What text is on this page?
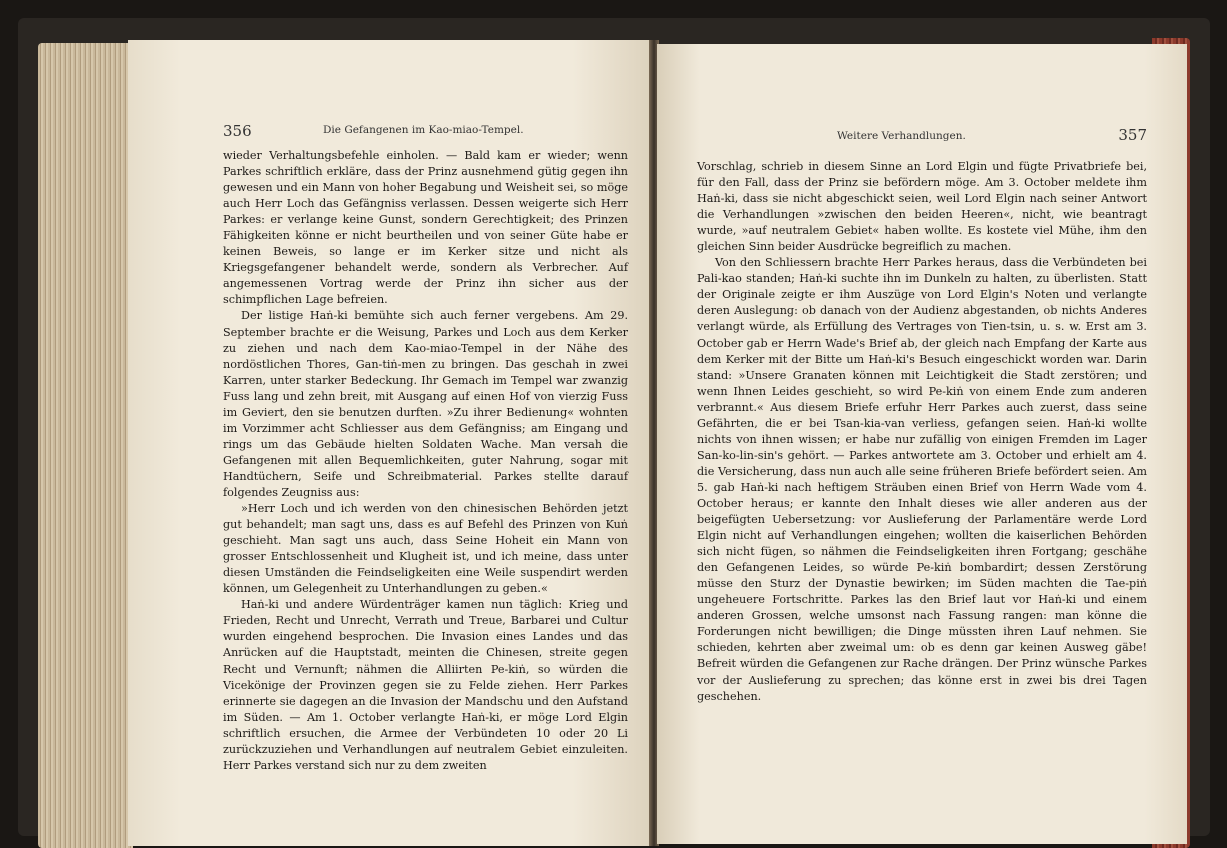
356	Die Gefangenen im Kao-miao-Tempel.

wieder Verhaltungsbefehle einholen. — Bald kam er wieder; wenn Parkes schriftlich erkläre, dass der Prinz ausnehmend gütig gegen ihn gewesen und ein Mann von hoher Begabung und Weisheit sei, so möge auch Herr Loch das Gefängniss verlassen. Dessen weigerte sich Herr Parkes: er verlange keine Gunst, sondern Gerechtigkeit; des Prinzen Fähigkeiten könne er nicht beurtheilen und von seiner Güte habe er keinen Beweis, so lange er im Kerker sitze und nicht als Kriegsgefangener behandelt werde, sondern als Verbrecher. Auf angemessenen Vortrag werde der Prinz ihn sicher aus der schimpflichen Lage befreien.

Der listige Haṅ-ki bemühte sich auch ferner vergebens. Am 29. September brachte er die Weisung, Parkes und Loch aus dem Kerker zu ziehen und nach dem Kao-miao-Tempel in der Nähe des nordöstlichen Thores, Gan-tiṅ-men zu bringen. Das geschah in zwei Karren, unter starker Bedeckung. Ihr Gemach im Tempel war zwanzig Fuss lang und zehn breit, mit Ausgang auf einen Hof von vierzig Fuss im Geviert, den sie benutzen durften. »Zu ihrer Bedienung« wohnten im Vorzimmer acht Schliesser aus dem Gefängniss; am Eingang und rings um das Gebäude hielten Soldaten Wache. Man versah die Gefangenen mit allen Bequemlichkeiten, guter Nahrung, sogar mit Handtüchern, Seife und Schreibmaterial. Parkes stellte darauf folgendes Zeugniss aus:

»Herr Loch und ich werden von den chinesischen Behörden jetzt gut behandelt; man sagt uns, dass es auf Befehl des Prinzen von Kuṅ geschieht. Man sagt uns auch, dass Seine Hoheit ein Mann von grosser Entschlossenheit und Klugheit ist, und ich meine, dass unter diesen Umständen die Feindseligkeiten eine Weile suspendirt werden können, um Gelegenheit zu Unterhandlungen zu geben.«

Haṅ-ki und andere Würdenträger kamen nun täglich: Krieg und Frieden, Recht und Unrecht, Verrath und Treue, Barbarei und Cultur wurden eingehend besprochen. Die Invasion eines Landes und das Anrücken auf die Hauptstadt, meinten die Chinesen, streite gegen Recht und Vernunft; nähmen die Alliirten Pe-kiṅ, so würden die Vicekönige der Provinzen gegen sie zu Felde ziehen. Herr Parkes erinnerte sie dagegen an die Invasion der Mandschu und den Aufstand im Süden. — Am 1. October verlangte Haṅ-ki, er möge Lord Elgin schriftlich ersuchen, die Armee der Verbündeten 10 oder 20 Li zurückzuziehen und Verhandlungen auf neutralem Gebiet einzuleiten. Herr Parkes verstand sich nur zu dem zweiten

Weitere Verhandlungen.	357

Vorschlag, schrieb in diesem Sinne an Lord Elgin und fügte Privatbriefe bei, für den Fall, dass der Prinz sie befördern möge. Am 3. October meldete ihm Haṅ-ki, dass sie nicht abgeschickt seien, weil Lord Elgin nach seiner Antwort die Verhandlungen »zwischen den beiden Heeren«, nicht, wie beantragt wurde, »auf neutralem Gebiet« haben wollte. Es kostete viel Mühe, ihm den gleichen Sinn beider Ausdrücke begreiflich zu machen.

Von den Schliessern brachte Herr Parkes heraus, dass die Verbündeten bei Pali-kao standen; Haṅ-ki suchte ihn im Dunkeln zu halten, zu überlisten. Statt der Originale zeigte er ihm Auszüge von Lord Elgin's Noten und verlangte deren Auslegung: ob danach von der Audienz abgestanden, ob nichts Anderes verlangt würde, als Erfüllung des Vertrages von Tien-tsin, u. s. w. Erst am 3. October gab er Herrn Wade's Brief ab, der gleich nach Empfang der Karte aus dem Kerker mit der Bitte um Haṅ-ki's Besuch eingeschickt worden war. Darin stand: »Unsere Granaten können mit Leichtigkeit die Stadt zerstören; und wenn Ihnen Leides geschieht, so wird Pe-kiṅ von einem Ende zum anderen verbrannt.« Aus diesem Briefe erfuhr Herr Parkes auch zuerst, dass seine Gefährten, die er bei Tsan-kia-van verliess, gefangen seien. Haṅ-ki wollte nichts von ihnen wissen; er habe nur zufällig von einigen Fremden im Lager San-ko-lin-sin's gehört. — Parkes antwortete am 3. October und erhielt am 4. die Versicherung, dass nun auch alle seine früheren Briefe befördert seien. Am 5. gab Haṅ-ki nach heftigem Sträuben einen Brief von Herrn Wade vom 4. October heraus; er kannte den Inhalt dieses wie aller anderen aus der beigefügten Uebersetzung: vor Auslieferung der Parlamentäre werde Lord Elgin nicht auf Verhandlungen eingehen; wollten die kaiserlichen Behörden sich nicht fügen, so nähmen die Feindseligkeiten ihren Fortgang; geschähe den Gefangenen Leides, so würde Pe-kiṅ bombardirt; dessen Zerstörung müsse den Sturz der Dynastie bewirken; im Süden machten die Tae-piṅ ungeheuere Fortschritte. Parkes las den Brief laut vor Haṅ-ki und einem anderen Grossen, welche umsonst nach Fassung rangen: man könne die Forderungen nicht bewilligen; die Dinge müssten ihren Lauf nehmen. Sie schieden, kehrten aber zweimal um: ob es denn gar keinen Ausweg gäbe! Befreit würden die Gefangenen zur Rache drängen. Der Prinz wünsche Parkes vor der Auslieferung zu sprechen; das könne erst in zwei bis drei Tagen geschehen.
